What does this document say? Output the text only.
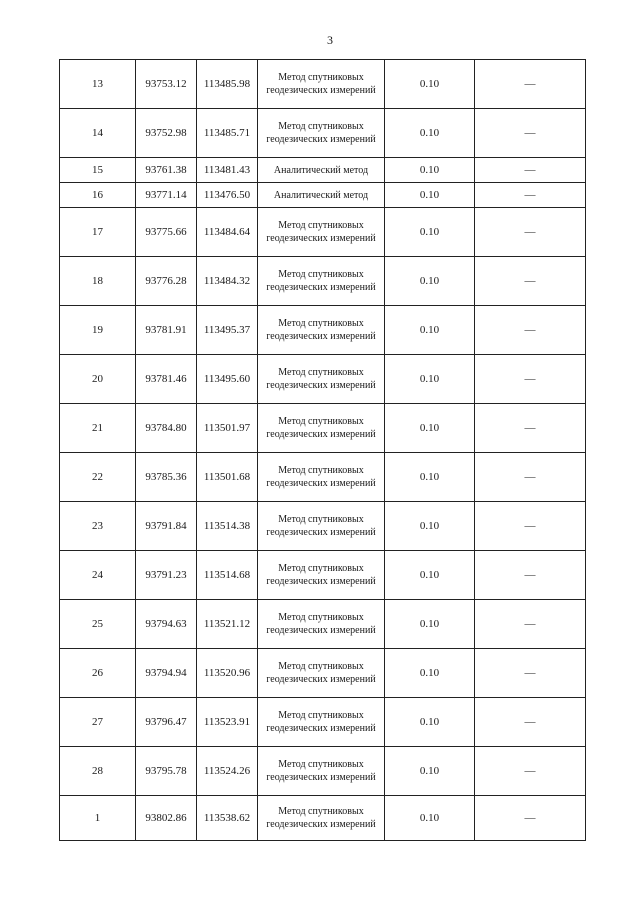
3
13	93753.12	113485.98	Метод спутниковых геодезических измерений	0.10	—
14	93752.98	113485.71	Метод спутниковых геодезических измерений	0.10	—
15	93761.38	113481.43	Аналитический метод	0.10	—
16	93771.14	113476.50	Аналитический метод	0.10	—
17	93775.66	113484.64	Метод спутниковых геодезических измерений	0.10	—
18	93776.28	113484.32	Метод спутниковых геодезических измерений	0.10	—
19	93781.91	113495.37	Метод спутниковых геодезических измерений	0.10	—
20	93781.46	113495.60	Метод спутниковых геодезических измерений	0.10	—
21	93784.80	113501.97	Метод спутниковых геодезических измерений	0.10	—
22	93785.36	113501.68	Метод спутниковых геодезических измерений	0.10	—
23	93791.84	113514.38	Метод спутниковых геодезических измерений	0.10	—
24	93791.23	113514.68	Метод спутниковых геодезических измерений	0.10	—
25	93794.63	113521.12	Метод спутниковых геодезических измерений	0.10	—
26	93794.94	113520.96	Метод спутниковых геодезических измерений	0.10	—
27	93796.47	113523.91	Метод спутниковых геодезических измерений	0.10	—
28	93795.78	113524.26	Метод спутниковых геодезических измерений	0.10	—
1	93802.86	113538.62	Метод спутниковых геодезических измерений	0.10	—
